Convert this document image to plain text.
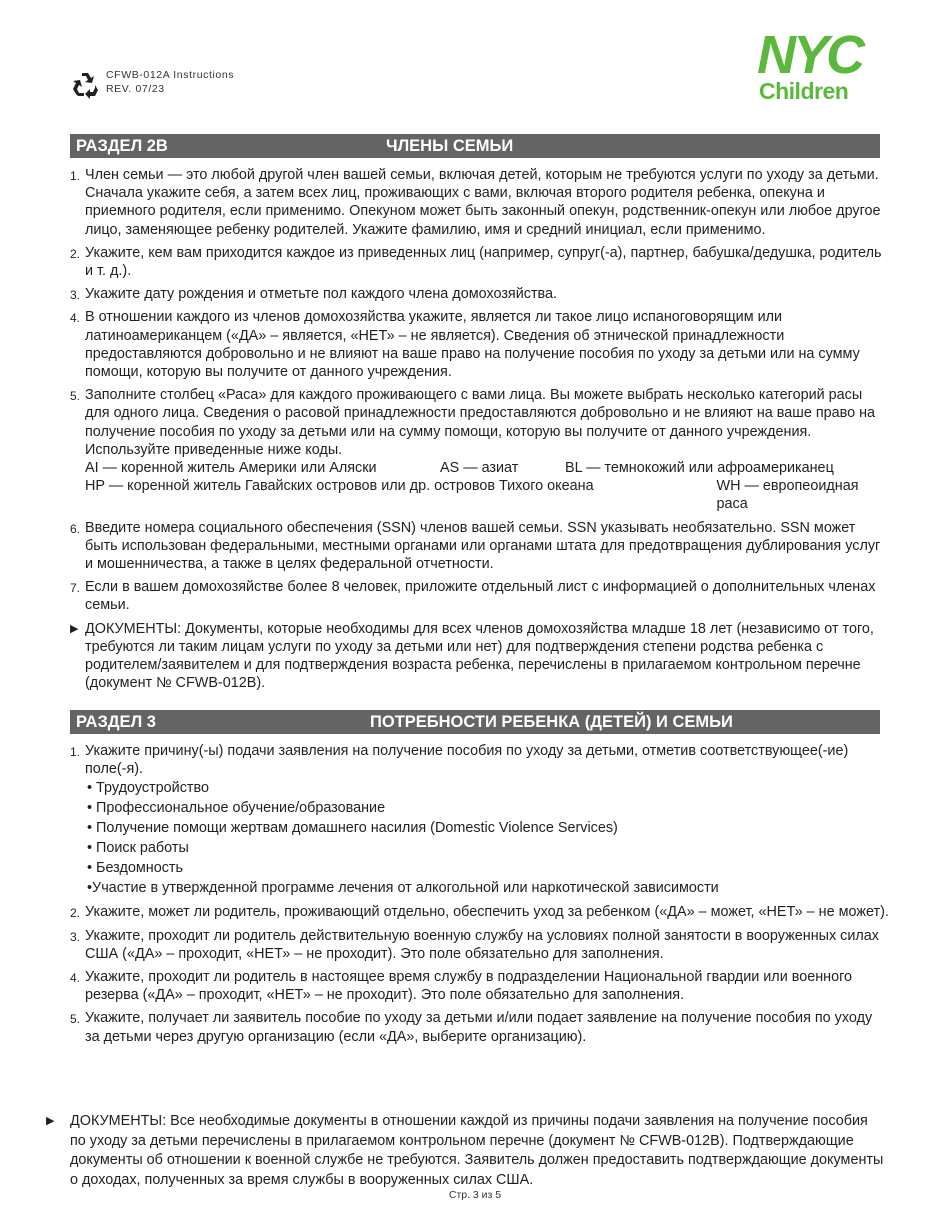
CFWB-012A Instructions
REV. 07/23
NYC
Children
РАЗДЕЛ 2B	ЧЛЕНЫ СЕМЬИ
1. Член семьи — это любой другой член вашей семьи, включая детей, которым не требуются услуги по уходу за детьми. Сначала укажите себя, а затем всех лиц, проживающих с вами, включая второго родителя ребенка, опекуна и приемного родителя, если применимо. Опекуном может быть законный опекун, родственник-опекун или любое другое лицо, заменяющее ребенку родителей. Укажите фамилию, имя и средний инициал, если применимо.
2. Укажите, кем вам приходится каждое из приведенных лиц (например, супруг(-а), партнер, бабушка/дедушка, родитель и т. д.).
3. Укажите дату рождения и отметьте пол каждого члена домохозяйства.
4. В отношении каждого из членов домохозяйства укажите, является ли такое лицо испаноговорящим или латиноамериканцем («ДА» – является, «НЕТ» – не является). Сведения об этнической принадлежности предоставляются добровольно и не влияют на ваше право на получение пособия по уходу за детьми или на сумму помощи, которую вы получите от данного учреждения.
5. Заполните столбец «Раса» для каждого проживающего с вами лица. Вы можете выбрать несколько категорий расы для одного лица. Сведения о расовой принадлежности предоставляются добровольно и не влияют на ваше право на получение пособия по уходу за детьми или на сумму помощи, которую вы получите от данного учреждения. Используйте приведенные ниже коды.
AI — коренной житель Америки или Аляски	AS — азиат	BL — темнокожий или афроамериканец
HP — коренной житель Гавайских островов или др. островов Тихого океана	WH — европеоидная раса
6. Введите номера социального обеспечения (SSN) членов вашей семьи. SSN указывать необязательно. SSN может быть использован федеральными, местными органами или органами штата для предотвращения дублирования услуг и мошенничества, а также в целях федеральной отчетности.
7. Если в вашем домохозяйстве более 8 человек, приложите отдельный лист с информацией о дополнительных членах семьи.
▶ ДОКУМЕНТЫ: Документы, которые необходимы для всех членов домохозяйства младше 18 лет (независимо от того, требуются ли таким лицам услуги по уходу за детьми или нет) для подтверждения степени родства ребенка с родителем/заявителем и для подтверждения возраста ребенка, перечислены в прилагаемом контрольном перечне (документ № CFWB-012B).
РАЗДЕЛ 3	ПОТРЕБНОСТИ РЕБЕНКА (ДЕТЕЙ) И СЕМЬИ
1. Укажите причину(-ы) подачи заявления на получение пособия по уходу за детьми, отметив соответствующее(-ие) поле(-я).
• Трудоустройство
• Профессиональное обучение/образование
• Получение помощи жертвам домашнего насилия (Domestic Violence Services)
• Поиск работы
• Бездомность
•Участие в утвержденной программе лечения от алкогольной или наркотической зависимости
2. Укажите, может ли родитель, проживающий отдельно, обеспечить уход за ребенком («ДА» – может, «НЕТ» – не может).
3. Укажите, проходит ли родитель действительную военную службу на условиях полной занятости в вооруженных силах США («ДА» – проходит, «НЕТ» – не проходит). Это поле обязательно для заполнения.
4. Укажите, проходит ли родитель в настоящее время службу в подразделении Национальной гвардии или военного резерва («ДА» – проходит, «НЕТ» – не проходит). Это поле обязательно для заполнения.
5. Укажите, получает ли заявитель пособие по уходу за детьми и/или подает заявление на получение пособия по уходу за детьми через другую организацию (если «ДА», выберите организацию).
▶	ДОКУМЕНТЫ: Все необходимые документы в отношении каждой из причины подачи заявления на получение пособия по уходу за детьми перечислены в прилагаемом контрольном перечне (документ № CFWB-012B). Подтверждающие документы об отношении к военной службе не требуются. Заявитель должен предоставить подтверждающие документы о доходах, полученных за время службы в вооруженных силах США.
Стр. 3 из 5
